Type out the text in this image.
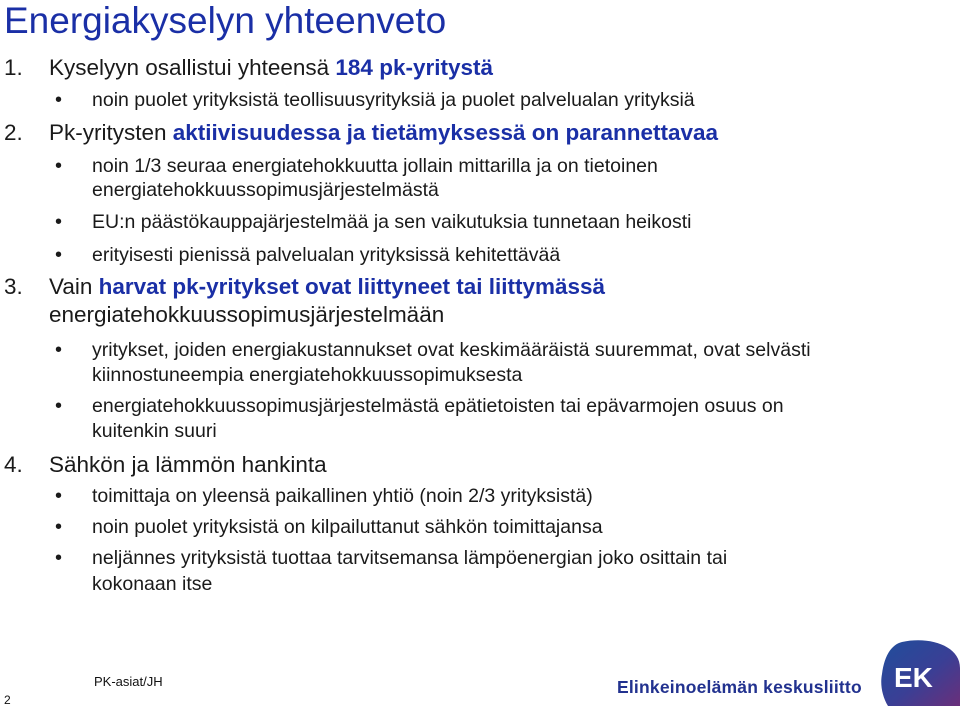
Energiakyselyn yhteenveto
1. Kyselyyn osallistui yhteensä 184 pk-yritystä
• noin puolet yrityksistä teollisuusyrityksiä ja puolet palvelualan yrityksiä
2. Pk-yritysten aktiivisuudessa ja tietämyksessä on parannettavaa
• noin 1/3 seuraa energiatehokkuutta jollain mittarilla ja on tietoinen
energiatehokkuussopimusjärjestelmästä
• EU:n päästökauppajärjestelmää ja sen vaikutuksia tunnetaan heikosti
• erityisesti pienissä palvelualan yrityksissä kehitettävää
3. Vain harvat pk-yritykset ovat liittyneet tai liittymässä
energiatehokkuussopimusjärjestelmään
• yritykset, joiden energiakustannukset ovat keskimääräistä suuremmat, ovat selvästi
kiinnostuneempia energiatehokkuussopimuksesta
• energiatehokkuussopimusjärjestelmästä epätietoisten tai epävarmojen osuus on
kuitenkin suuri
4. Sähkön ja lämmön hankinta
• toimittaja on yleensä paikallinen yhtiö (noin 2/3 yrityksistä)
• noin puolet yrityksistä on kilpailuttanut sähkön toimittajansa
• neljännes yrityksistä tuottaa tarvitsemansa lämpöenergian joko osittain tai
kokonaan itse
2
PK-asiat/JH	Elinkeinoelämän keskusliitto EK
